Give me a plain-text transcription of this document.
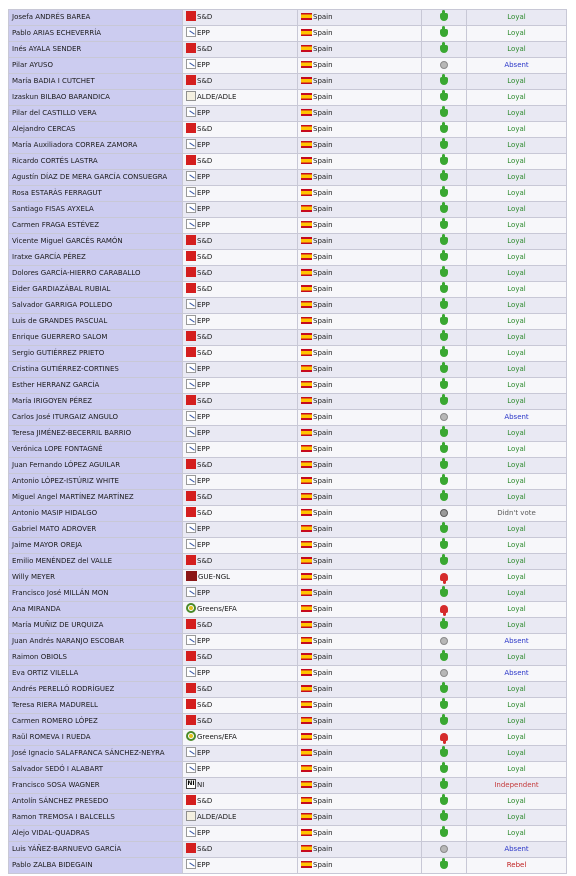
Josefa ANDRÉS BAREA	S&D	Spain		Loyal
Pablo ARIAS ECHEVERRÍA	EPP	Spain		Loyal
Inés AYALA SENDER	S&D	Spain		Loyal
Pilar AYUSO	EPP	Spain		Absent
María BADIA I CUTCHET	S&D	Spain		Loyal
Izaskun BILBAO BARANDICA	ALDE/ADLE	Spain		Loyal
Pilar del CASTILLO VERA	EPP	Spain		Loyal
Alejandro CERCAS	S&D	Spain		Loyal
María Auxiliadora CORREA ZAMORA	EPP	Spain		Loyal
Ricardo CORTÉS LASTRA	S&D	Spain		Loyal
Agustín DÍAZ DE MERA GARCÍA CONSUEGRA	EPP	Spain		Loyal
Rosa ESTARÀS FERRAGUT	EPP	Spain		Loyal
Santiago FISAS AYXELA	EPP	Spain		Loyal
Carmen FRAGA ESTÉVEZ	EPP	Spain		Loyal
Vicente Miguel GARCÉS RAMÓN	S&D	Spain		Loyal
Iratxe GARCÍA PÉREZ	S&D	Spain		Loyal
Dolores GARCÍA-HIERRO CARABALLO	S&D	Spain		Loyal
Eider GARDIAZÁBAL RUBIAL	S&D	Spain		Loyal
Salvador GARRIGA POLLEDO	EPP	Spain		Loyal
Luis de GRANDES PASCUAL	EPP	Spain		Loyal
Enrique GUERRERO SALOM	S&D	Spain		Loyal
Sergio GUTIÉRREZ PRIETO	S&D	Spain		Loyal
Cristina GUTIÉRREZ-CORTINES	EPP	Spain		Loyal
Esther HERRANZ GARCÍA	EPP	Spain		Loyal
María IRIGOYEN PÉREZ	S&D	Spain		Loyal
Carlos José ITURGAIZ ANGULO	EPP	Spain		Absent
Teresa JIMÉNEZ-BECERRIL BARRIO	EPP	Spain		Loyal
Verónica LOPE FONTAGNÉ	EPP	Spain		Loyal
Juan Fernando LÓPEZ AGUILAR	S&D	Spain		Loyal
Antonio LÓPEZ-ISTÚRIZ WHITE	EPP	Spain		Loyal
Miguel Angel MARTÍNEZ MARTÍNEZ	S&D	Spain		Loyal
Antonio MASIP HIDALGO	S&D	Spain		Didn't vote
Gabriel MATO ADROVER	EPP	Spain		Loyal
Jaime MAYOR OREJA	EPP	Spain		Loyal
Emilio MENÉNDEZ del VALLE	S&D	Spain		Loyal
Willy MEYER	GUE-NGL	Spain		Loyal
Francisco José MILLÁN MON	EPP	Spain		Loyal
Ana MIRANDA	Greens/EFA	Spain		Loyal
María MUÑIZ DE URQUIZA	S&D	Spain		Loyal
Juan Andrés NARANJO ESCOBAR	EPP	Spain		Absent
Raimon OBIOLS	S&D	Spain		Loyal
Eva ORTIZ VILELLA	EPP	Spain		Absent
Andrés PERELLÓ RODRÍGUEZ	S&D	Spain		Loyal
Teresa RIERA MADURELL	S&D	Spain		Loyal
Carmen ROMERO LÓPEZ	S&D	Spain		Loyal
Raül ROMEVA I RUEDA	Greens/EFA	Spain		Loyal
José Ignacio SALAFRANCA SÁNCHEZ-NEYRA	EPP	Spain		Loyal
Salvador SEDÓ I ALABART	EPP	Spain		Loyal
Francisco SOSA WAGNER	NI NI	Spain		Independent
Antolín SÁNCHEZ PRESEDO	S&D	Spain		Loyal
Ramon TREMOSA I BALCELLS	ALDE/ADLE	Spain		Loyal
Alejo VIDAL-QUADRAS	EPP	Spain		Loyal
Luis YÁÑEZ-BARNUEVO GARCÍA	S&D	Spain		Absent
Pablo ZALBA BIDEGAIN	EPP	Spain		Rebel
